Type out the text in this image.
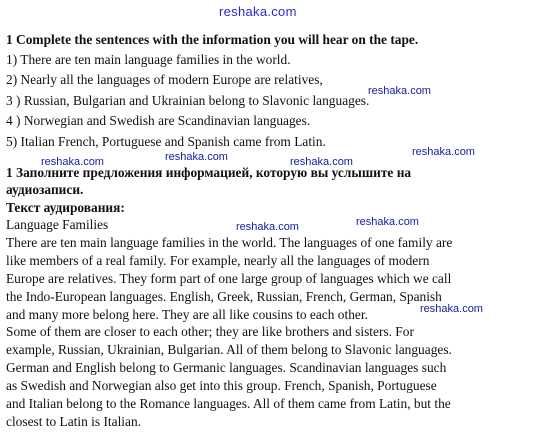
reshaka.com
1 Complete the sentences with the information you will hear on the tape.
1) There are ten main language families in the world.
2) Nearly all the languages of modern Europe are relatives,
3 ) Russian, Bulgarian and Ukrainian belong to Slavonic languages.
4 ) Norwegian and Swedish are Scandinavian languages.
5) Italian French, Portuguese and Spanish came from Latin.
1 Заполните предложения информацией, которую вы услышите на
аудиозаписи.
Текст аудирования:
Language Families
There are ten main language families in the world. The languages of one family are
like members of a real family. For example, nearly all the languages of modern
Europe are relatives. They form part of one large group of languages which we call
the Indo-European languages. English, Greek, Russian, French, German, Spanish
and many more belong here. They are all like cousins to each other.
Some of them are closer to each other; they are like brothers and sisters. For
example, Russian, Ukrainian, Bulgarian. All of them belong to Slavonic languages.
German and English belong to Germanic languages. Scandinavian languages such
as Swedish and Norwegian also get into this group. French, Spanish, Portuguese
and Italian belong to the Romance languages. All of them came from Latin, but the
closest to Latin is Italian.
reshaka.com
reshaka.com	reshaka.com	reshaka.com
reshaka.com
reshaka.com	reshaka.com
reshaka.com
